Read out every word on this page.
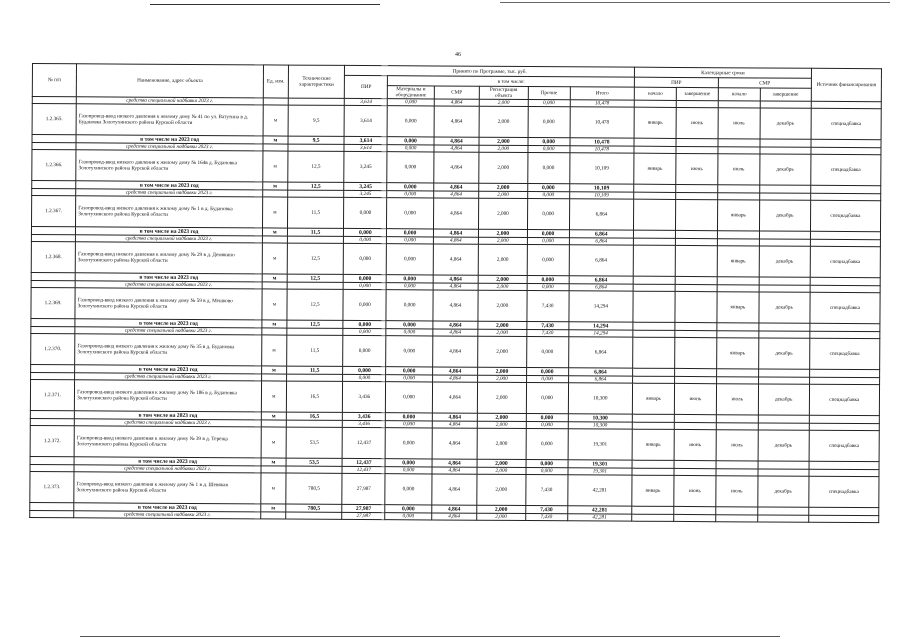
46
№ п/п	Наименование, адрес объекта	Ед. изм.	Технические характеристики	Принято по Программе, тыс. руб.						Календарные сроки				Источник финансирования
				ПИР	в том числе:					ПИР		СМР		
					Материалы и оборудование	СМР	Регистрация объекта	Прочие	Итого	начало	завершение	начало	завершение	
	средства специальной надбавки 2023 г.			3,614	0,000	4,864	2,000	0,000	10,478					
1.2.365.	Газопровод-ввод низкого давления к жилому дому № 41 по ул. Ватутина в д. Будановка Золотухинского района Курской области	м	9,5	3,614	0,000	4,864	2,000	0,000	10,478	январь	июнь	июль	декабрь	спецнадбавка
	в том числе на 2023 год	м	9,5	3,614	0,000	4,864	2,000	0,000	10,478					
	средства специальной надбавки 2023 г.			3,614	0,000	4,864	2,000	0,000	10,478					
1.2.366.	Газопровод-ввод низкого давления к жилому дому № 164в д. Будановка Золотухинского района Курской области	м	12,5	3,245	0,000	4,864	2,000	0,000	10,109	январь	июнь	июль	декабрь	спецнадбавка
	в том числе на 2023 год	м	12,5	3,245	0,000	4,864	2,000	0,000	10,109					
	средства специальной надбавки 2023 г.			3,245	0,000	4,864	2,000	0,000	10,109					
1.2.367.	Газопровод-ввод низкого давления к жилому дому № 1 в д. Будановка Золотухинского района Курской области	м	11,5	0,000	0,000	4,864	2,000	0,000	6,864			январь	декабрь	спецнадбавка
	в том числе на 2023 год	м	11,5	0,000	0,000	4,864	2,000	0,000	6,864					
	средства специальной надбавки 2023 г.			0,000	0,000	4,864	2,000	0,000	6,864					
1.2.368.	Газопровод-ввод низкого давления к жилому дому № 29 в д. Демякино Золотухинского района Курской области	м	12,5	0,000	0,000	4,864	2,000	0,000	6,864			январь	декабрь	спецнадбавка
	в том числе на 2023 год	м	12,5	0,000	0,000	4,864	2,000	0,000	6,864					
	средства специальной надбавки 2023 г.			0,000	0,000	4,864	2,000	0,000	6,864					
1.2.369.	Газопровод-ввод низкого давления к жилому дому № 59 в д. Мешково Золотухинского района Курской области	м	12,5	0,000	0,000	4,864	2,000	7,430	14,294			январь	декабрь	спецнадбавка
	в том числе на 2023 год	м	12,5	0,000	0,000	4,864	2,000	7,430	14,294					
	средства специальной надбавки 2023 г.			0,000	0,000	4,864	2,000	7,430	14,294					
1.2.370.	Газопровод-ввод низкого давления к жилому дому № 35 в д. Будановка Золотухинского района Курской области	м	11,5	0,000	0,000	4,864	2,000	0,000	6,864			январь	декабрь	спецнадбавка
	в том числе на 2023 год	м	11,5	0,000	0,000	4,864	2,000	0,000	6,864					
	средства специальной надбавки 2023 г.			0,000	0,000	4,864	2,000	0,000	6,864					
1.2.371.	Газопровод-ввод низкого давления к жилому дому № 186 в д. Будановка Золотухинского района Курской области	м	16,5	3,436	0,000	4,864	2,000	0,000	10,300	январь	июнь	июль	декабрь	спецнадбавка
	в том числе на 2023 год	м	16,5	3,436	0,000	4,864	2,000	0,000	10,300					
	средства специальной надбавки 2023 г.			3,436	0,000	4,864	2,000	0,000	10,300					
1.2.372.	Газопровод-ввод низкого давления к жилому дому № 39 в д. Тереща Золотухинского района Курской области	м	53,5	12,437	0,000	4,864	2,000	0,000	19,301	январь	июнь	июль	декабрь	спецнадбавка
	в том числе на 2023 год	м	53,5	12,437	0,000	4,864	2,000	0,000	19,301					
	средства специальной надбавки 2023 г.			12,437	0,000	4,864	2,000	0,000	19,301					
1.2.373.	Газопровод-ввод низкого давления к жилому дому № 1 в д. Шевякая Золотухинского района Курской области	м	780,5	27,987	0,000	4,864	2,000	7,430	42,281	январь	июнь	июль	декабрь	спецнадбавка
	в том числе на 2023 год	м	780,5	27,987	0,000	4,864	2,000	7,430	42,281					
	средства специальной надбавки 2023 г.			27,987	0,000	4,864	2,000	7,430	42,281					
